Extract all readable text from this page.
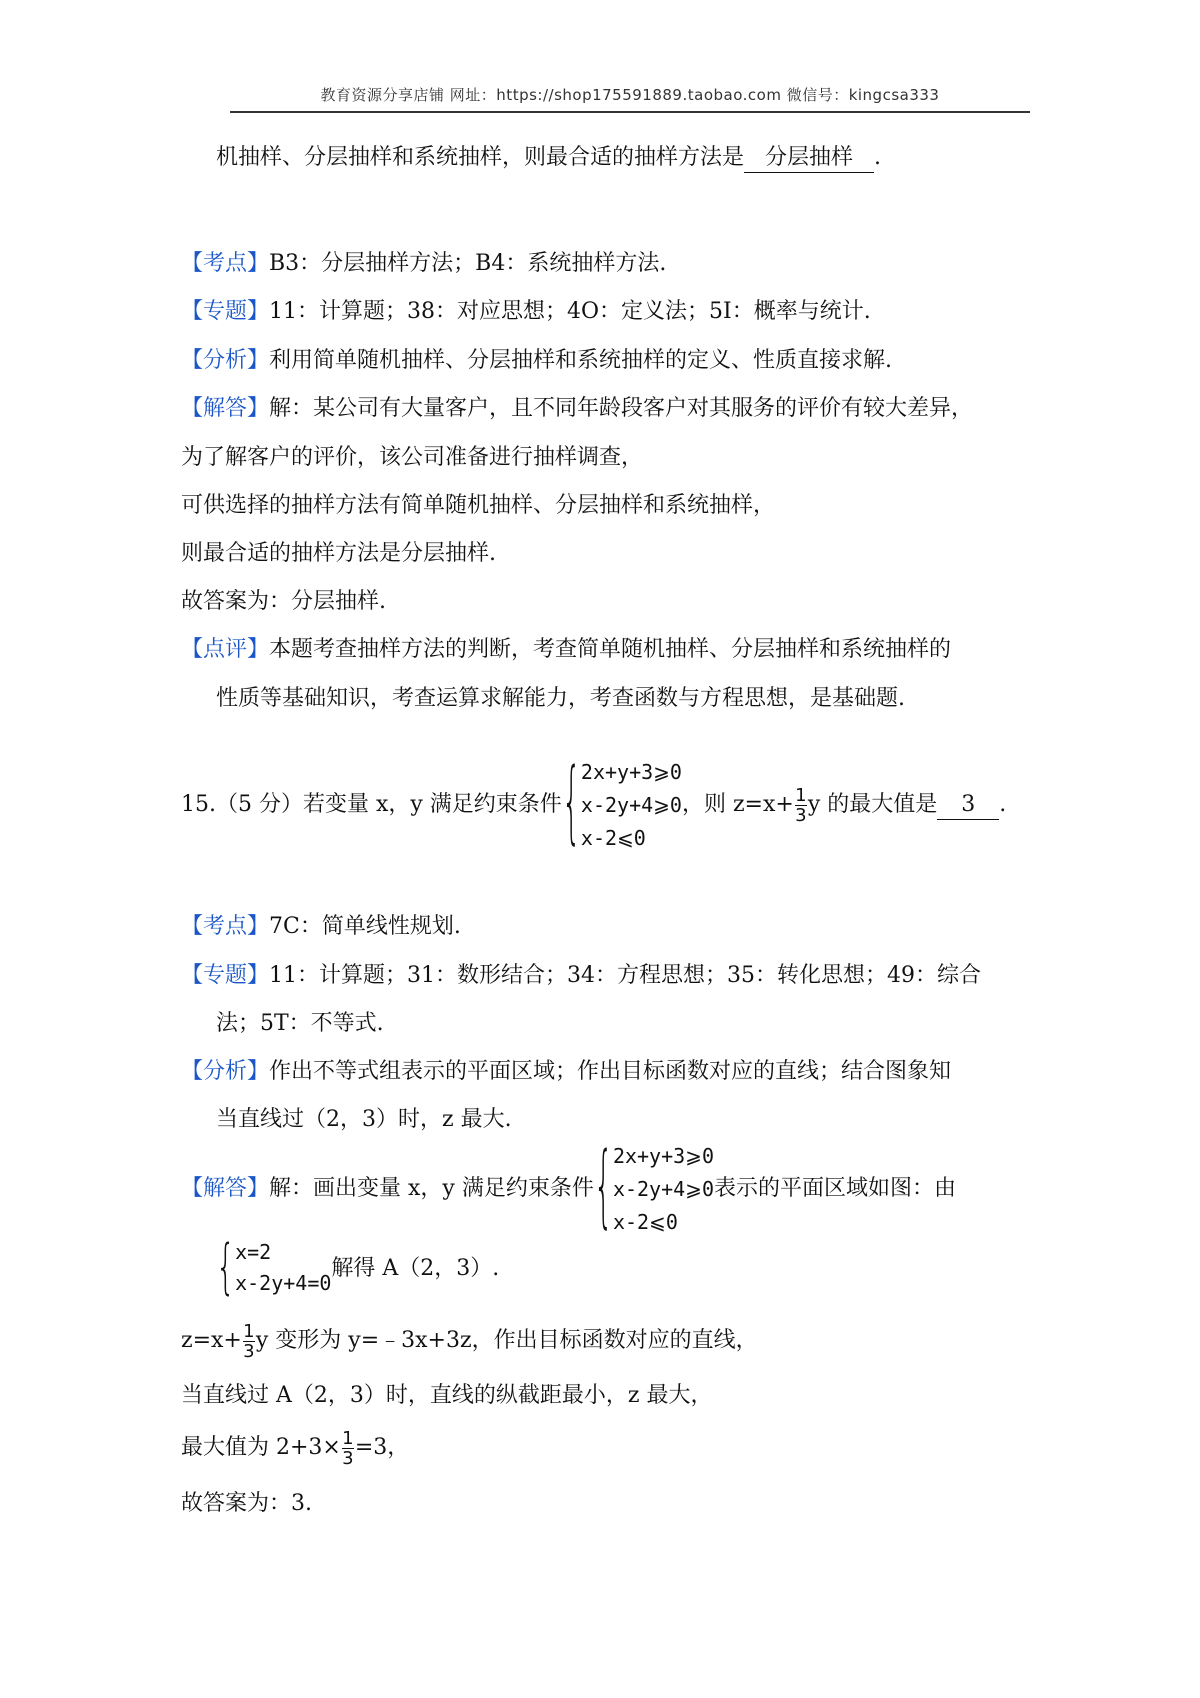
教育资源分享店铺 网址：https://shop175591889.taobao.com 微信号：kingcsa333
机抽样、分层抽样和系统抽样，则最合适的抽样方法是 分层抽样 .
【考点】B3：分层抽样方法；B4：系统抽样方法.
【专题】11：计算题；38：对应思想；4O：定义法；5I：概率与统计.
【分析】利用简单随机抽样、分层抽样和系统抽样的定义、性质直接求解.
【解答】解：某公司有大量客户，且不同年龄段客户对其服务的评价有较大差异，
为了解客户的评价，该公司准备进行抽样调查，
可供选择的抽样方法有简单随机抽样、分层抽样和系统抽样，
则最合适的抽样方法是分层抽样.
故答案为：分层抽样.
【点评】本题考查抽样方法的判断，考查简单随机抽样、分层抽样和系统抽样的
性质等基础知识，考查运算求解能力，考查函数与方程思想，是基础题.
15.（5 分）若变量 x，y 满足约束条件 { 2x+y+3⩾0
x-2y+4⩾0
x-2⩽0
，则 $z=x+ \frac{1}{3}$ y 的最大值是 3 .
【考点】7C：简单线性规划.
【专题】11：计算题；31：数形结合；34：方程思想；35：转化思想；49：综合
法；5T：不等式.
【分析】作出不等式组表示的平面区域；作出目标函数对应的直线；结合图象知
当直线过（2，3）时，z 最大.
【解答】解：画出变量 x，y 满足约束条件 { 2x+y+3⩾0
x-2y+4⩾0
x-2⩽0
表示的平面区域如图：由
{ x=2
x-2y+4=0
解得 A（2，3）.
$z=x+ \frac{1}{3}$ y 变形为 y=﹣3x+3z，作出目标函数对应的直线，
当直线过 A（2，3）时，直线的纵截距最小，z 最大，
最大值为 $2+3\times \frac{1}{3} =3$，
故答案为：3.
